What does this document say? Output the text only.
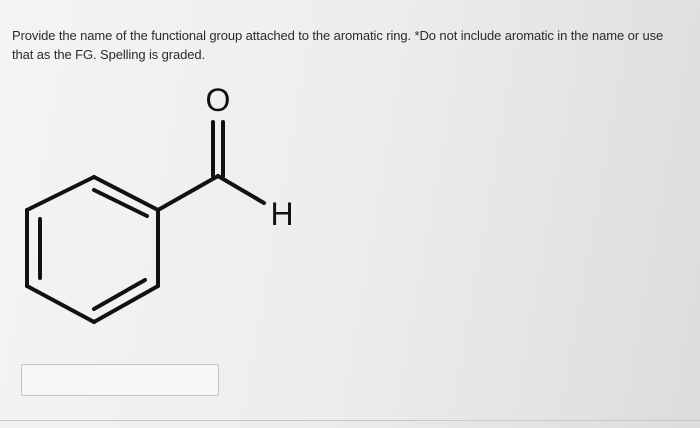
Provide the name of the functional group attached to the aromatic ring. *Do not include aromatic in the name or use
that as the FG. Spelling is graded.
O
H
